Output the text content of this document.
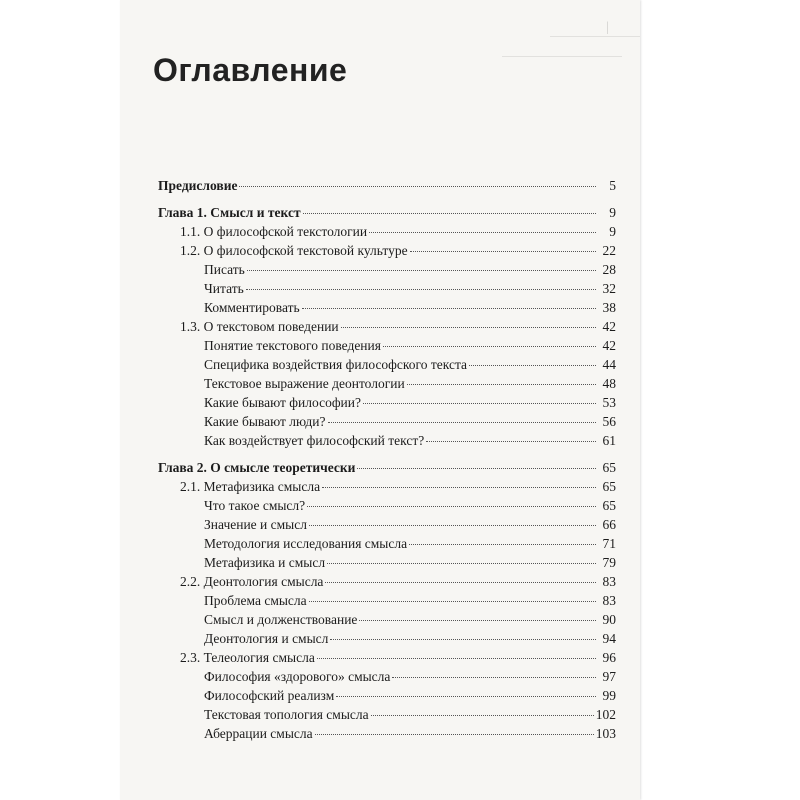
|
Оглавление
Предисловие	5
Глава 1. Смысл и текст	9
1.1. О философской текстологии	9
1.2. О философской текстовой культуре	22
Писать	28
Читать	32
Комментировать	38
1.3. О текстовом поведении	42
Понятие текстового поведения	42
Специфика воздействия философского текста	44
Текстовое выражение деонтологии	48
Какие бывают философии?	53
Какие бывают люди?	56
Как воздействует философский текст?	61
Глава 2. О смысле теоретически	65
2.1. Метафизика смысла	65
Что такое смысл?	65
Значение и смысл	66
Методология исследования смысла	71
Метафизика и смысл	79
2.2. Деонтология смысла	83
Проблема смысла	83
Смысл и долженствование	90
Деонтология и смысл	94
2.3. Телеология смысла	96
Философия «здорового» смысла	97
Философский реализм	99
Текстовая топология смысла	102
Аберрации смысла	103
